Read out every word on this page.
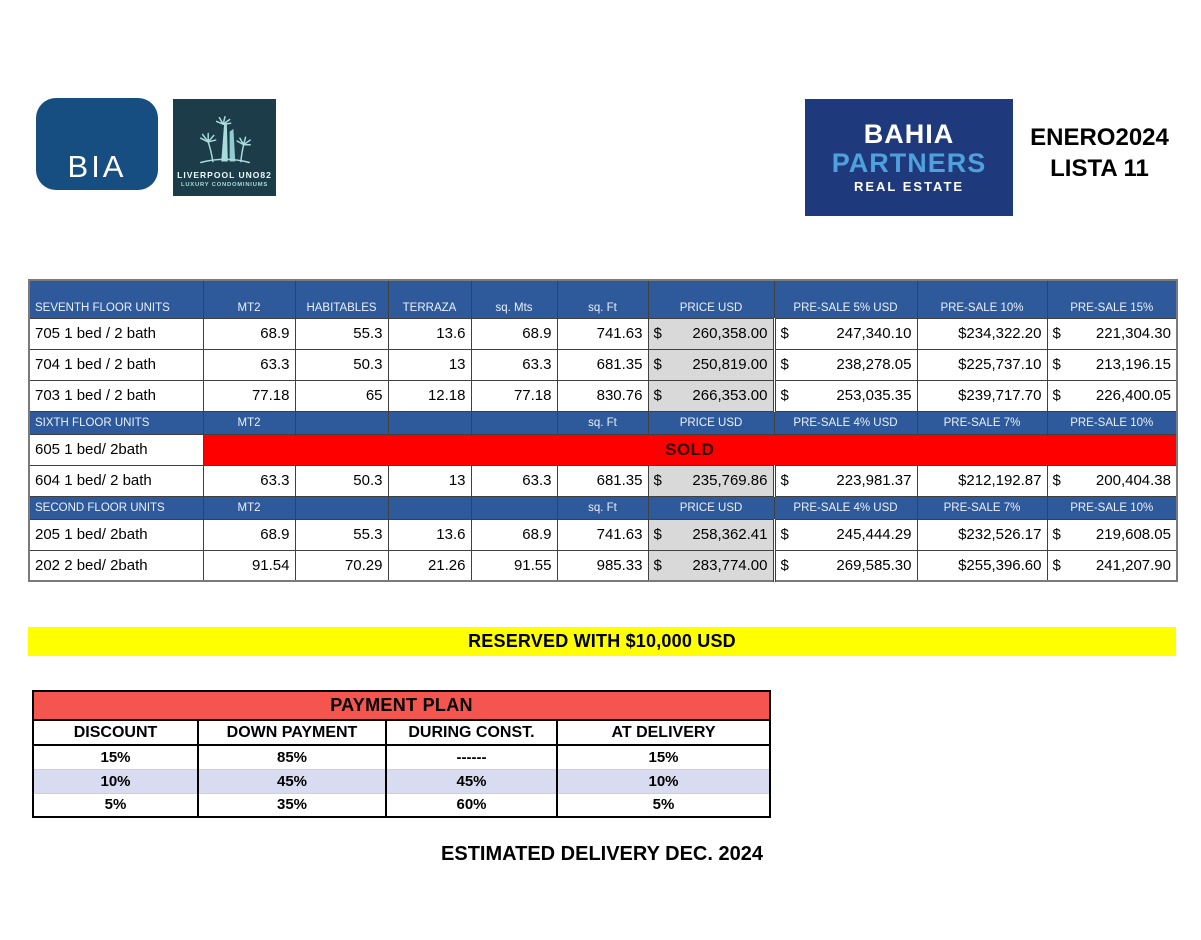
BIA	LIVERPOOL UNO82
LUXURY CONDOMINIUMS
BAHIA
PARTNERS
REAL ESTATE
ENERO2024
LISTA 11
SEVENTH FLOOR UNITS	MT2	HABITABLES	TERRAZA	sq. Mts	sq. Ft	PRICE USD	PRE-SALE 5% USD	PRE-SALE 10%	PRE-SALE 15%
705 1 bed / 2 bath	68.9	55.3	13.6	68.9	741.63	$ 260,358.00	$ 247,340.10	$234,322.20	$ 221,304.30
704 1 bed / 2 bath	63.3	50.3	13	63.3	681.35	$ 250,819.00	$ 238,278.05	$225,737.10	$ 213,196.15
703 1 bed / 2 bath	77.18	65	12.18	77.18	830.76	$ 266,353.00	$ 253,035.35	$239,717.70	$ 226,400.05
SIXTH FLOOR UNITS	MT2				sq. Ft	PRICE USD	PRE-SALE 4% USD	PRE-SALE 7%	PRE-SALE 10%
605 1 bed/ 2bath	SOLD								
604 1 bed/ 2 bath	63.3	50.3	13	63.3	681.35	$ 235,769.86	$ 223,981.37	$212,192.87	$ 200,404.38
SECOND FLOOR UNITS	MT2				sq. Ft	PRICE USD	PRE-SALE 4% USD	PRE-SALE 7%	PRE-SALE 10%
205 1 bed/ 2bath	68.9	55.3	13.6	68.9	741.63	$ 258,362.41	$ 245,444.29	$232,526.17	$ 219,608.05
202 2 bed/ 2bath	91.54	70.29	21.26	91.55	985.33	$ 283,774.00	$ 269,585.30	$255,396.60	$ 241,207.90
RESERVED WITH $10,000 USD
PAYMENT PLAN			
DISCOUNT	DOWN PAYMENT	DURING CONST.	AT DELIVERY
15%	85%	------	15%
10%	45%	45%	10%
5%	35%	60%	5%
ESTIMATED DELIVERY DEC. 2024
